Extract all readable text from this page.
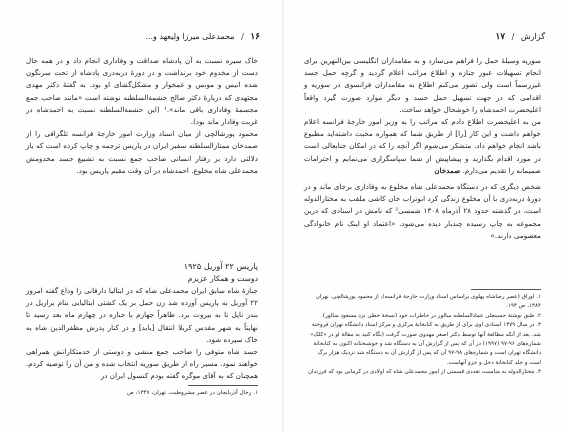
۱۶ / محمدعلی میرزا ولیعهد و...

خاک سیره نسبت به آن پادشاه صداقت و وفاداری انجام داد و در همه حال دست از مخدوم خود برنداشت و در دورهٔ دربه‌دری پادشاه از تحت سرنگون شده انیس و مونس و غمخوار و مشکل‌گشای او بود. به گفتهٔ دکتر مهدی مجتهدی که دربارهٔ دکتر صالح حشمةالسلطنه نوشته است «مانند صاحب جمع مجسمهٔ وفاداری باقی ماند».¹ (این حشمةالسلطنه نسبت به احمدشاه در غربت وفادار ماند بود).

محمود پورشالچی از میان اسناد وزارت امور خارجهٔ فرانسه تلگرافی را از صمدخان ممتازالسلطنه سفیر ایران در پاریس ترجمه و چاپ کرده است که باز دلالتی دارد بر رفتار انسانی صاحب جمع نسبت به تشییع جسد مخدومش محمدعلی شاه مخلوع. احمدشاه در آن وقت مقیم پاریس بود.

پاریس ۲۲ آوریل ۱۹۲۵

دوست و همکار عزیزم

جنازهٔ شاه سابق ایران محمدعلی شاه که در ایتالیا دارفانی را وداع گفته امروز ۲۲ آوریل به پاریس آورده شد زن حمل بر یک کشتی ایتالیایی بنام برازیل در بندر ناپل تا به بیروت برد. ظاهراً جهازم با جنازه در چهارم ماه بعد رسید تا نهایتاً به شهر مقدس کربلا انتقال [یابد] و در کنار پدرش مظفرالدین شاه به خاک سپرده شود.

جسد شاه متوفی را صاحب جمع منشی و دوستی از خدمتکارانش همراهی خواهند نمود. مسیر راه از طریق سوریه انتخاب شده و من آن را توصیه کردم. همچنان که به آقای موگره گفته بودم کنسول ایران در

۱. رجال آذربایجان در عصر مشروطیت. تهران، ۱۳۴۷، ص
گزارش / ۱۷

سوریه وسیلهٔ حمل را فراهم می‌سازد و به مقامداران انگلیسی بین‌النهرین برای انجام تسهیلات عبور جنازه و اطلاع مراتب اعلام گردید و گرچه حمل جسد غیررسماً است ولی تصور می‌کنم اطلاع به مقامداران فرانسوی در سوریه و اقدامی که در جهت تسهیل حمل جسد و دیگر موارد صورت گیرد واقعاً اعلیحضرت احمدشاه را خوشحال خواهد ساخت.

من به اعلیحضرت اطلاع دادم که مراتب را به وزیر امور خارجهٔ فرانسه اعلام خواهم داشت و این کار [را] از طریق شما که همواره محبت داشته‌اید مطبوع باشد انجام خواهم داد. متشکر می‌شوم اگر آنچه را که در امکان جنابعالی است در مورد اقدام بگذارید و پیشاپیش از شما سپاسگزاری می‌نمایم و احترامات صمیمانه را تقدیم می‌دارم. صمدخان

شخص دیگری که در دستگاه محمدعلی شاه مخلوع به وفاداری برجای ماند و در دورهٔ دربه‌دری با آن مخلوع زندگی کرد ابوتراب خان کاشی ملقب به مختارالدوله است، در گذشته حدود ۲۸ آذرماه ۱۳۰۸ شمسی² که نامش در اسنادی که درین مجموعه به چاپ رسیده چندبار دیده می‌شود. «اعتماد او اینک نام خانوادگی معصومی دارند.»

۱. اوراق (عصر رضاشاه پهلوی براساس اسناد وزارت خارجهٔ فرانسه)، از محمود پورشالچی. تهران ۱۳۸۴، ص ۱۹۳.
۲. طبق نوشتهٔ حسینعلی عمادالسلطنه سالور در خاطرات خود (نسخهٔ خطی نزد مسعود سالور).
۳. در سال ۱۳۷۹ اسنادی اوی برای از طریق به کتابخانهٔ مرکزی و مرکز اسناد دانشگاه تهران فروخته شد. بعد از آنکه مطالعهٔ آنها توسط دکتر اصغر مهدوی صورت گرفت (نگاه کنید به مقالهٔ او در «کلک» شماره‌های ۹۶-۹۷ (۱۹۹۷) در آن که پس از گزارش آن به دستگاه شد و خوشبختانه اکنون به کتابخانهٔ دانشگاه تهران است و شماره‌های ۹۸-۹۷ آن که پس از گزارش آن به دستگاه شد نزدیک هزار برگ است و جلد کتابخانهٔ دخل و جزو آنهاست.
۴. مختارالدوله به مناسبت تعددی قسمتی از امور محمدعلی شاه که اولادی در کرمانی بود که فرزندان
